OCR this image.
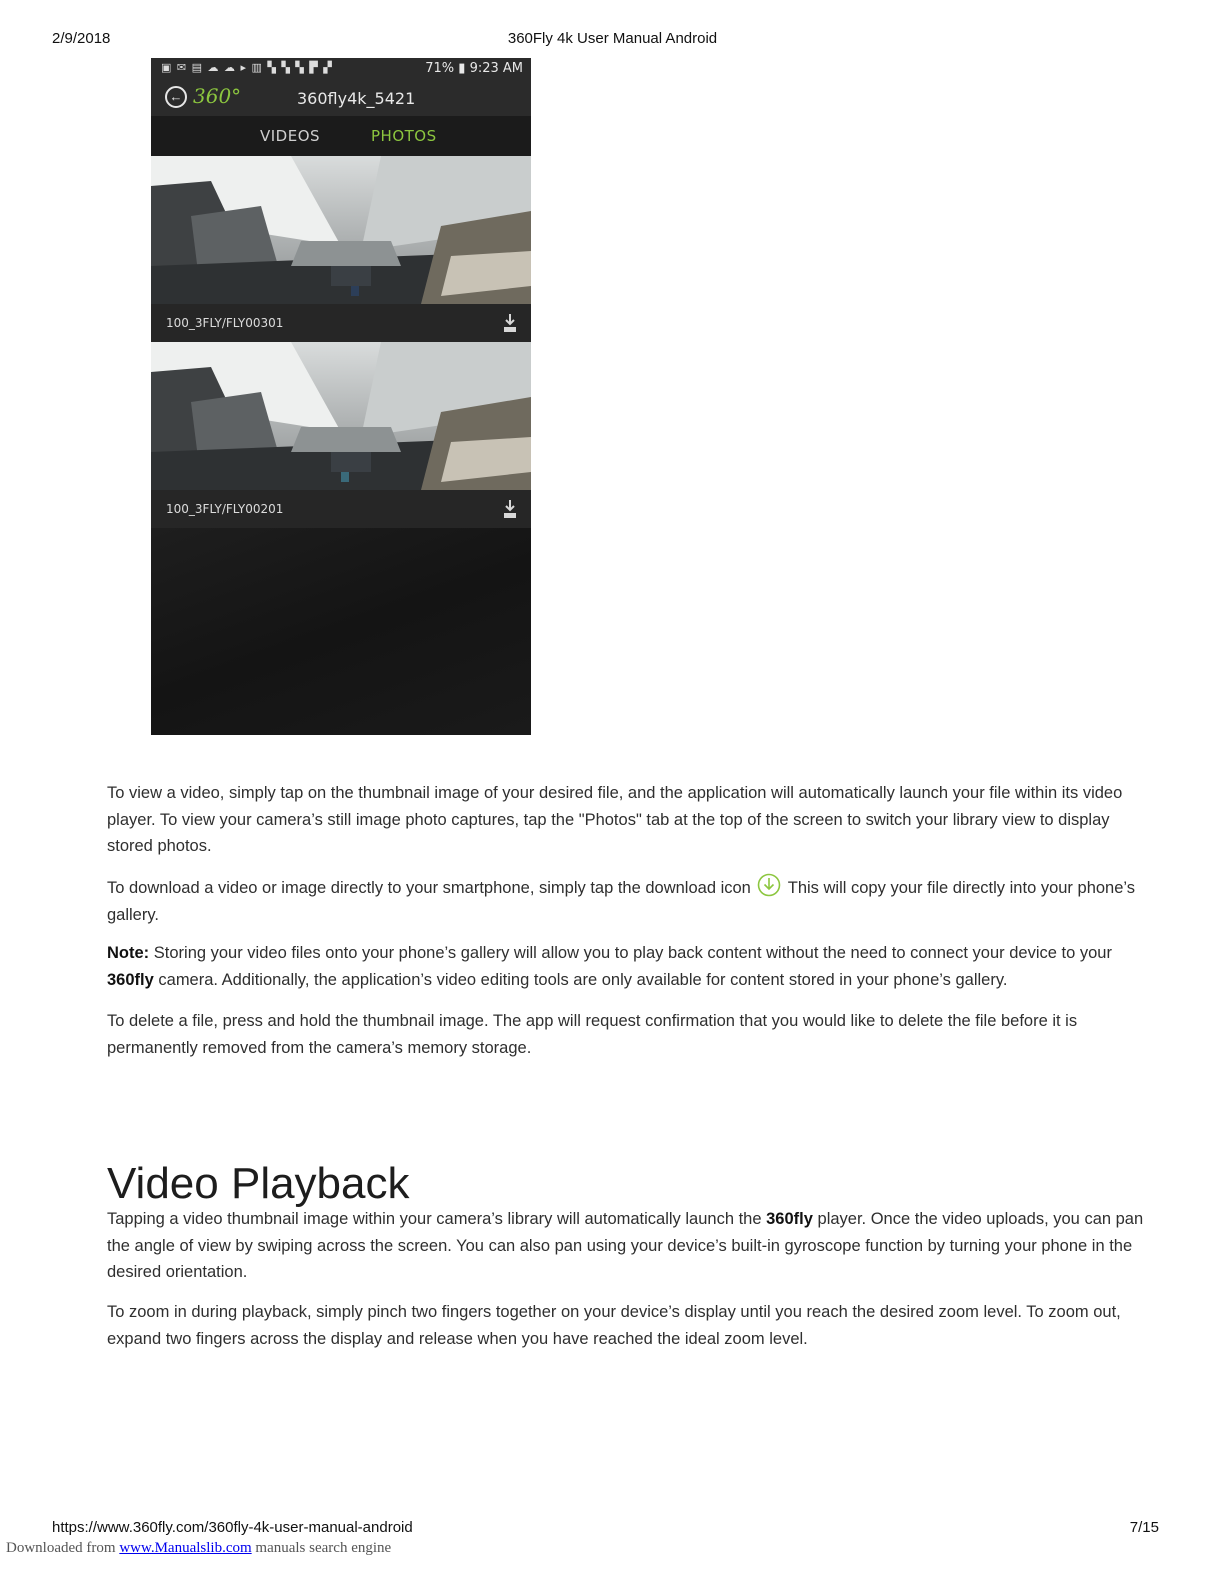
2/9/2018	360Fly 4k User Manual Android
▣ ✉ ▤ ☁ ☁ ▸ ▥ ▚ ▚ ▚ ▛ ▞	71% ▮ 9:23 AM
← 360°	360fly4k_5421
VIDEOS	PHOTOS
100_3FLY/FLY00301
100_3FLY/FLY00201
To view a video, simply tap on the thumbnail image of your desired file, and the application will automatically launch your file within its video player. To view your camera’s still image photo captures, tap the "Photos" tab at the top of the screen to switch your library view to display stored photos.
To download a video or image directly to your smartphone, simply tap the download icon This will copy your file directly into your phone’s gallery.
Note: Storing your video files onto your phone’s gallery will allow you to play back content without the need to connect your device to your 360fly camera. Additionally, the application’s video editing tools are only available for content stored in your phone’s gallery.
To delete a file, press and hold the thumbnail image. The app will request confirmation that you would like to delete the file before it is permanently removed from the camera’s memory storage.
Video Playback
Tapping a video thumbnail image within your camera’s library will automatically launch the 360fly player. Once the video uploads, you can pan the angle of view by swiping across the screen. You can also pan using your device’s built-in gyroscope function by turning your phone in the desired orientation.
To zoom in during playback, simply pinch two fingers together on your device’s display until you reach the desired zoom level. To zoom out, expand two fingers across the display and release when you have reached the ideal zoom level.
https://www.360fly.com/360fly-4k-user-manual-android	7/15
Downloaded from www.Manualslib.com manuals search engine
